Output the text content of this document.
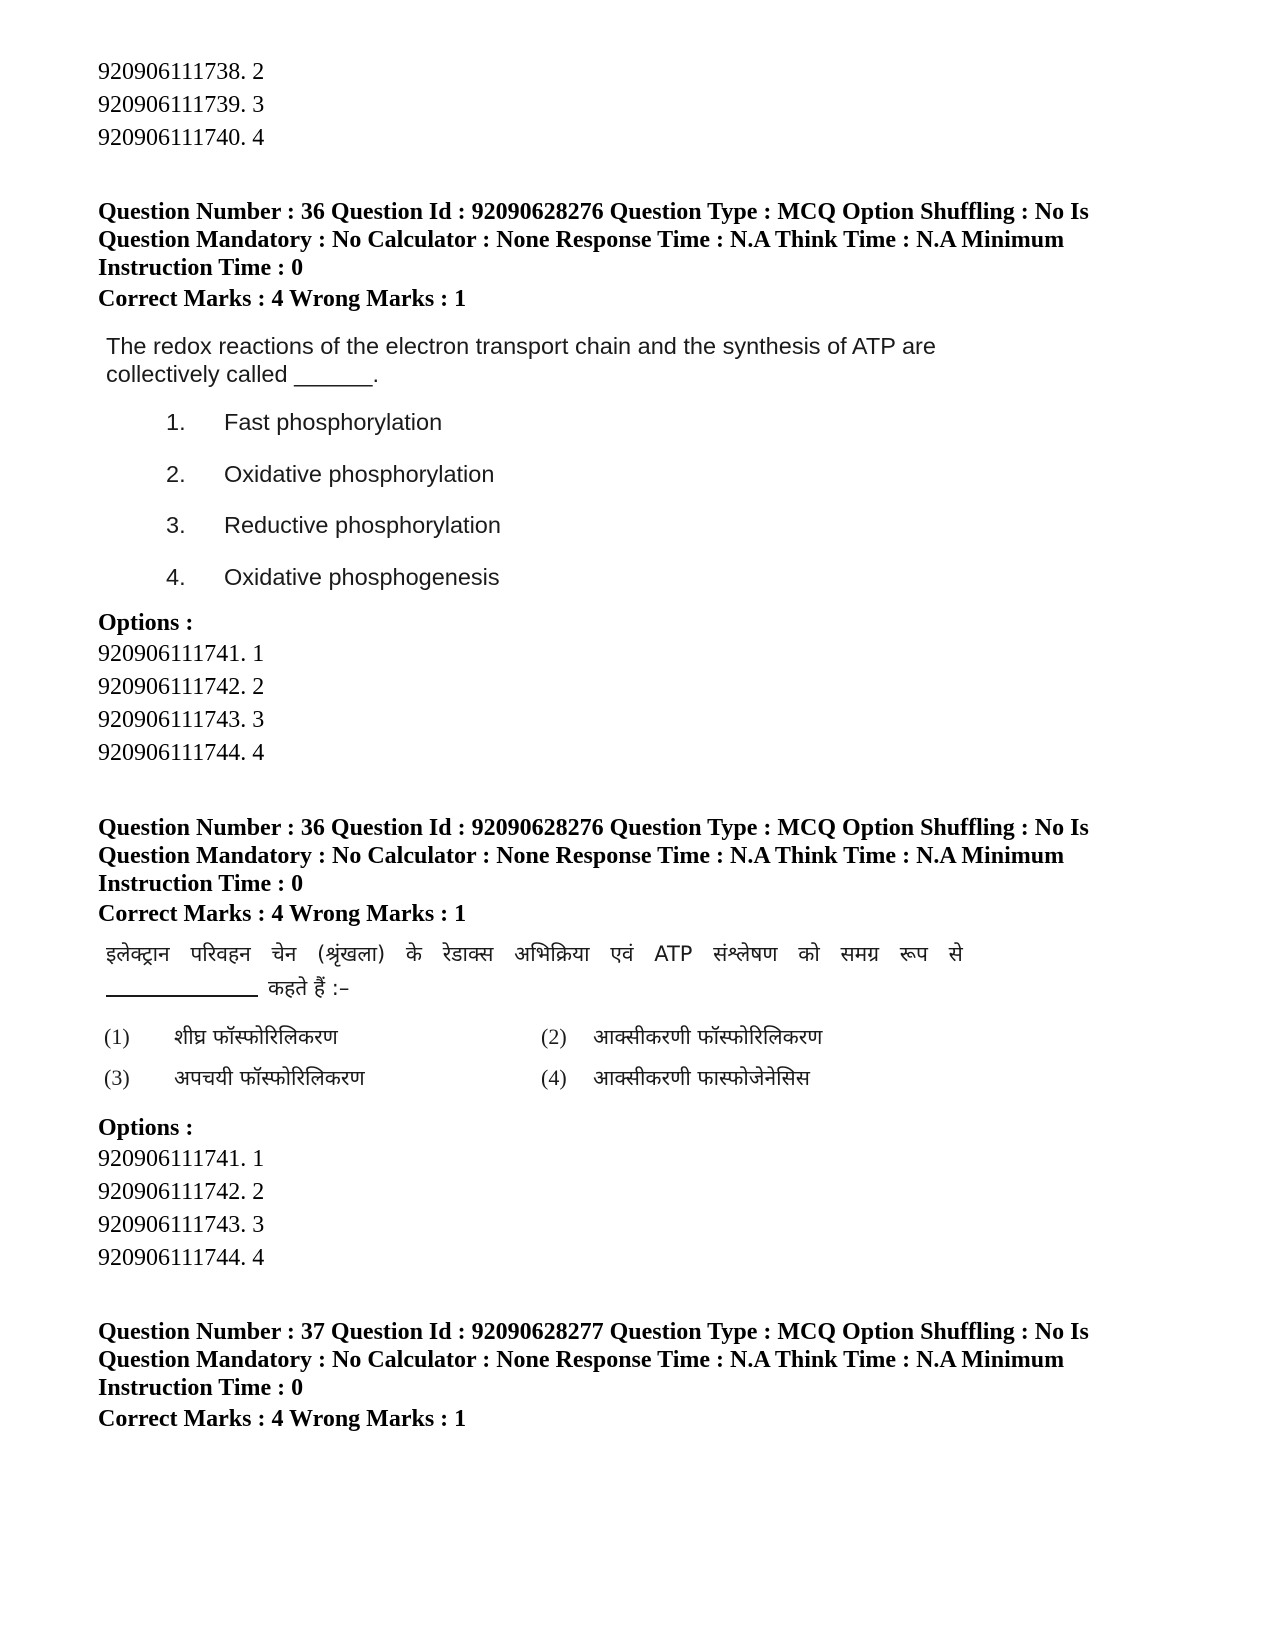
920906111738. 2
920906111739. 3
920906111740. 4
Question Number : 36 Question Id : 92090628276 Question Type : MCQ Option Shuffling : No Is
Question Mandatory : No Calculator : None Response Time : N.A Think Time : N.A Minimum
Instruction Time : 0
Correct Marks : 4 Wrong Marks : 1
The redox reactions of the electron transport chain and the synthesis of ATP are
collectively called ______.
1. Fast phosphorylation
2. Oxidative phosphorylation
3. Reductive phosphorylation
4. Oxidative phosphogenesis
Options :
920906111741. 1
920906111742. 2
920906111743. 3
920906111744. 4
Question Number : 36 Question Id : 92090628276 Question Type : MCQ Option Shuffling : No Is
Question Mandatory : No Calculator : None Response Time : N.A Think Time : N.A Minimum
Instruction Time : 0
Correct Marks : 4 Wrong Marks : 1
इलेक्ट्रान परिवहन चेन (श्रृंखला) के रेडाक्स अभिक्रिया एवं ATP संश्लेषण को समग्र रूप से
कहते हैं :–
(1) शीघ्र फॉस्फोरिलिकरण	(2) आक्सीकरणी फॉस्फोरिलिकरण
(3) अपचयी फॉस्फोरिलिकरण	(4) आक्सीकरणी फास्फोजेनेसिस
Options :
920906111741. 1
920906111742. 2
920906111743. 3
920906111744. 4
Question Number : 37 Question Id : 92090628277 Question Type : MCQ Option Shuffling : No Is
Question Mandatory : No Calculator : None Response Time : N.A Think Time : N.A Minimum
Instruction Time : 0
Correct Marks : 4 Wrong Marks : 1
